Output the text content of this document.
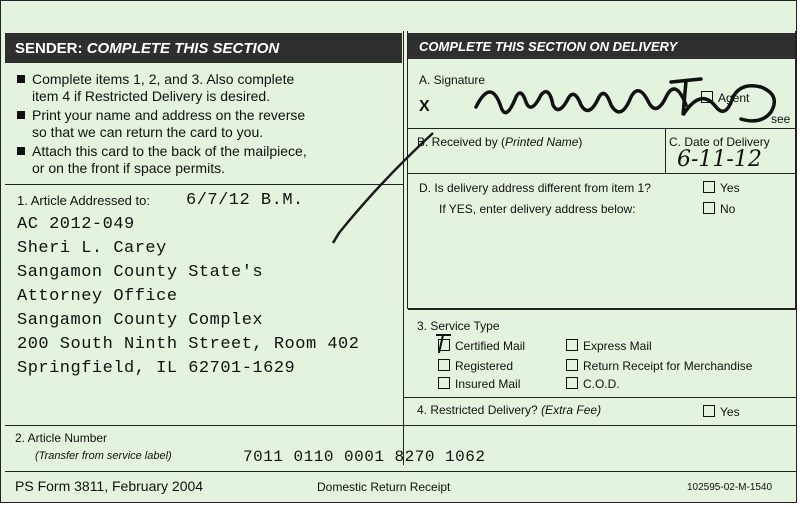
SENDER: COMPLETE THIS SECTION	COMPLETE THIS SECTION ON DELIVERY
Complete items 1, 2, and 3. Also complete
item 4 if Restricted Delivery is desired.
Print your name and address on the reverse
so that we can return the card to you.
Attach this card to the back of the mailpiece,
or on the front if space permits.
1. Article Addressed to: 6/7/12 B.M.
AC 2012-049
Sheri L. Carey
Sangamon County State's
Attorney Office
Sangamon County Complex
200 South Ninth Street, Room 402
Springfield, IL 62701-1629
A. Signature
X	Agent
see
B. Received by (Printed Name)	C. Date of Delivery
6-11-12
D. Is delivery address different from item 1?	Yes
If YES, enter delivery address below:	No
3. Service Type
Certified Mail	Express Mail
Registered	Return Receipt for Merchandise
Insured Mail	C.O.D.
4. Restricted Delivery? (Extra Fee)	Yes
2. Article Number
(Transfer from service label)	7011 0110 0001 8270 1062
PS Form 3811, February 2004	Domestic Return Receipt	102595-02-M-1540
